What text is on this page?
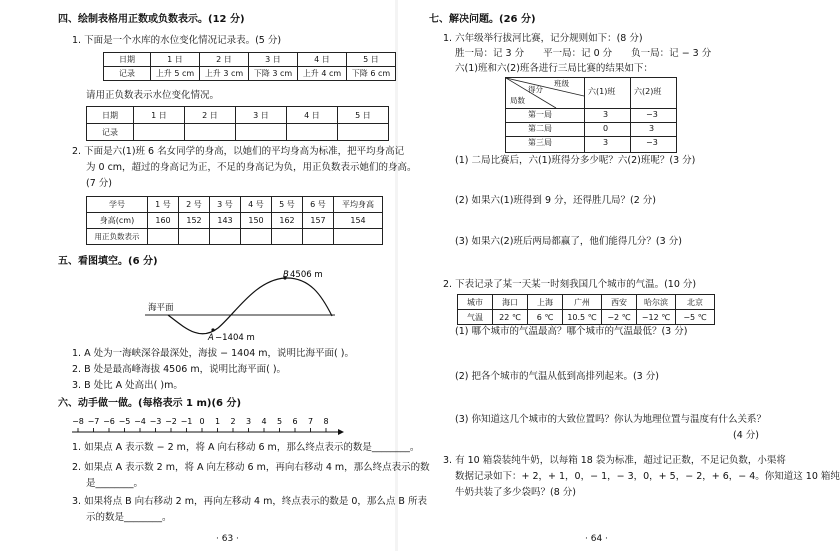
四、绘制表格用正数或负数表示。(12 分)
1. 下面是一个水库的水位变化情况记录表。(5 分)
日期	1 日	2 日	3 日	4 日	5 日
记录	上升 5 cm	上升 3 cm	下降 3 cm	上升 4 cm	下降 6 cm
请用正负数表示水位变化情况。
日期	1 日	2 日	3 日	4 日	5 日
记录					
2. 下面是六(1)班 6 名女同学的身高，以她们的平均身高为标准，把平均身高记
为 0 cm，超过的身高记为正，不足的身高记为负，用正负数表示她们的身高。
(7 分)
学号	1 号	2 号	3 号	4 号	5 号	6 号	平均身高
身高(cm)	160	152	143	150	162	157	154
用正负数表示							
五、看图填空。(6 分)
海平面
B 4506 m
A −1404 m
1. A 处为一海峡深谷最深处，海拔 − 1404 m，说明比海平面( )。
2. B 处是最高峰海拔 4506 m，说明比海平面( )。
3. B 处比 A 处高出( )m。
六、动手做一做。(每格表示 1 m)(6 分)
−8 −7 −6 −5 −4 −3 −2 −1 0 1 2 3 4 5 6 7 8
1. 如果点 A 表示数 − 2 m，将 A 向右移动 6 m，那么终点表示的数是________。
2. 如果点 A 表示数 2 m，将 A 向左移动 6 m，再向右移动 4 m，那么终点表示的数
是________。
3. 如果将点 B 向右移动 2 m，再向左移动 4 m，终点表示的数是 0，那么点 B 所表
示的数是________。
· 63 ·
七、解决问题。(26 分)
1. 六年级举行拔河比赛，记分规则如下：(8 分)
胜一局：记 3 分　　平一局：记 0 分　　负一局：记 − 3 分
六(1)班和六(2)班各进行三局比赛的结果如下：
班级
得分
局数
六(1)班 六(2)班
第一局	3	−3
第二局	0	3
第三局	3	−3
(1) 二局比赛后，六(1)班得分多少呢？六(2)班呢？(3 分)
(2) 如果六(1)班得到 9 分，还得胜几局？(2 分)
(3) 如果六(2)班后两局都赢了，他们能得几分？(3 分)
2. 下表记录了某一天某一时刻我国几个城市的气温。(10 分)
城市	海口	上海	广州	西安	哈尔滨	北京
气温	22 ℃	6 ℃	10.5 ℃	−2 ℃	−12 ℃	−5 ℃
(1) 哪个城市的气温最高？哪个城市的气温最低？(3 分)
(2) 把各个城市的气温从低到高排列起来。(3 分)
(3) 你知道这几个城市的大致位置吗？你认为地理位置与温度有什么关系？
(4 分)
3. 有 10 箱袋装纯牛奶，以每箱 18 袋为标准，超过记正数，不足记负数，小渠将
数据记录如下：+ 2，+ 1，0，− 1，− 3，0，+ 5，− 2，+ 6，− 4。你知道这 10 箱纯
牛奶共装了多少袋吗？(8 分)
· 64 ·
